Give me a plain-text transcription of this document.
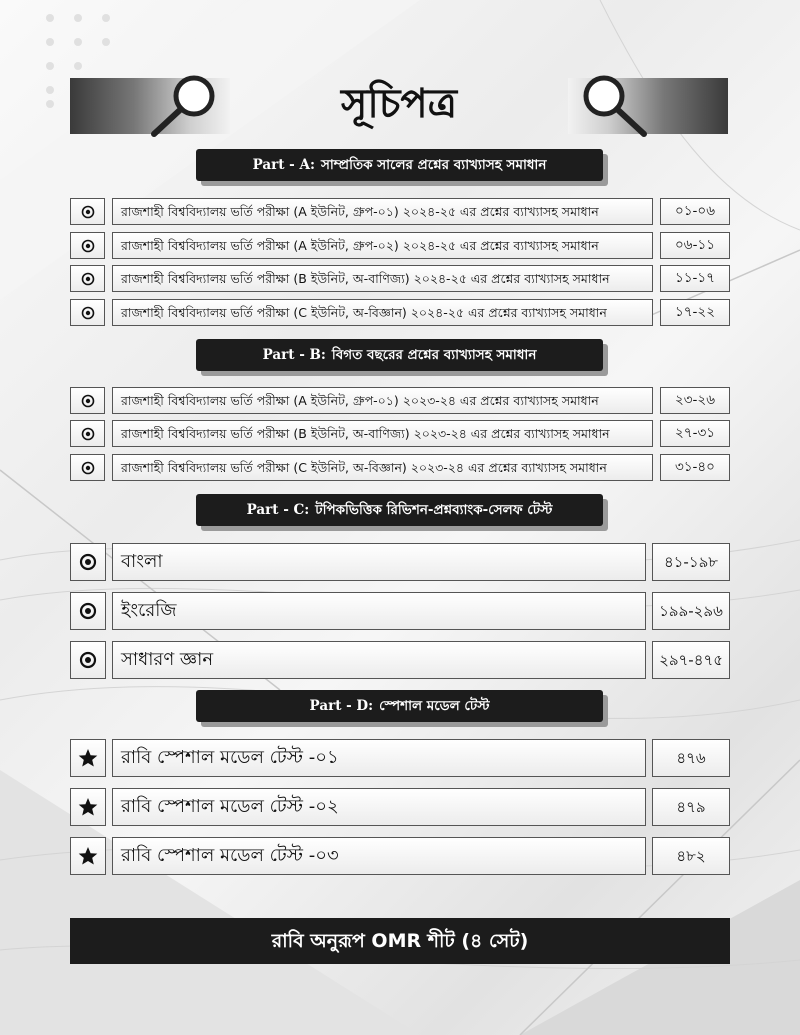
সূচিপত্র
Part - A: সাম্প্রতিক সালের প্রশ্নের ব্যাখ্যাসহ সমাধান
রাজশাহী বিশ্ববিদ্যালয় ভর্তি পরীক্ষা (A ইউনিট, গ্রুপ-০১) ২০২৪-২৫ এর প্রশ্নের ব্যাখ্যাসহ সমাধান	০১-০৬
রাজশাহী বিশ্ববিদ্যালয় ভর্তি পরীক্ষা (A ইউনিট, গ্রুপ-০২) ২০২৪-২৫ এর প্রশ্নের ব্যাখ্যাসহ সমাধান	০৬-১১
রাজশাহী বিশ্ববিদ্যালয় ভর্তি পরীক্ষা (B ইউনিট, অ-বাণিজ্য) ২০২৪-২৫ এর প্রশ্নের ব্যাখ্যাসহ সমাধান	১১-১৭
রাজশাহী বিশ্ববিদ্যালয় ভর্তি পরীক্ষা (C ইউনিট, অ-বিজ্ঞান) ২০২৪-২৫ এর প্রশ্নের ব্যাখ্যাসহ সমাধান	১৭-২২
Part - B: বিগত বছরের প্রশ্নের ব্যাখ্যাসহ সমাধান
রাজশাহী বিশ্ববিদ্যালয় ভর্তি পরীক্ষা (A ইউনিট, গ্রুপ-০১) ২০২৩-২৪ এর প্রশ্নের ব্যাখ্যাসহ সমাধান	২৩-২৬
রাজশাহী বিশ্ববিদ্যালয় ভর্তি পরীক্ষা (B ইউনিট, অ-বাণিজ্য) ২০২৩-২৪ এর প্রশ্নের ব্যাখ্যাসহ সমাধান	২৭-৩১
রাজশাহী বিশ্ববিদ্যালয় ভর্তি পরীক্ষা (C ইউনিট, অ-বিজ্ঞান) ২০২৩-২৪ এর প্রশ্নের ব্যাখ্যাসহ সমাধান	৩১-৪০
Part - C: টপিকভিত্তিক রিভিশন-প্রশ্নব্যাংক-সেলফ টেস্ট
বাংলা	৪১-১৯৮
ইংরেজি	১৯৯-২৯৬
সাধারণ জ্ঞান	২৯৭-৪৭৫
Part - D: স্পেশাল মডেল টেস্ট
রাবি স্পেশাল মডেল টেস্ট -০১	৪৭৬
রাবি স্পেশাল মডেল টেস্ট -০২	৪৭৯
রাবি স্পেশাল মডেল টেস্ট -০৩	৪৮২
রাবি অনুরূপ OMR শীট (৪ সেট)
